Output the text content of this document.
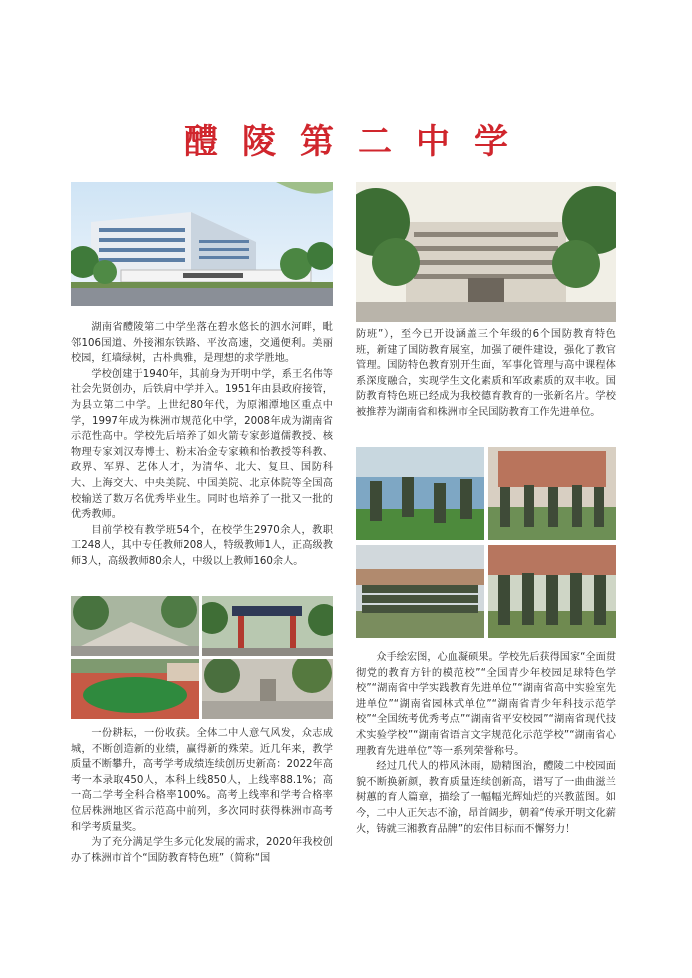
醴陵第二中学

湖南省醴陵第二中学坐落在碧水悠长的泗水河畔，毗邻106国道、外接湘东铁路、平汝高速，交通便利。美丽校园，红墙绿树，古朴典雅，是理想的求学胜地。

学校创建于1940年，其前身为开明中学，系王名伟等社会先贤创办，后铁肩中学并入。1951年由县政府接管，为县立第二中学。上世纪80年代，为原湘潭地区重点中学，1997年成为株洲市规范化中学，2008年成为湖南省示范性高中。学校先后培养了如火箭专家彭道儒教授、核物理专家刘汉寿博士、粉末冶金专家赖和怡教授等科教、政界、军界、艺体人才，为清华、北大、复旦、国防科大、上海交大、中央美院、中国美院、北京体院等全国高校输送了数万名优秀毕业生。同时也培养了一批又一批的优秀教师。

目前学校有教学班54个，在校学生2970余人，教职工248人，其中专任教师208人，特级教师1人，正高级教师3人，高级教师80余人，中级以上教师160余人。

一份耕耘，一份收获。全体二中人意气风发，众志成城，不断创造新的业绩，赢得新的殊荣。近几年来，教学质量不断攀升，高考学考成绩连续创历史新高：2022年高考一本录取450人，本科上线850人，上线率88.1%；高一高二学考全科合格率100%。高考上线率和学考合格率位居株洲地区省示范高中前列，多次同时获得株洲市高考和学考质量奖。

为了充分满足学生多元化发展的需求，2020年我校创办了株洲市首个“国防教育特色班”（简称“国

防班”），至今已开设涵盖三个年级的6个国防教育特色班，新建了国防教育展室，加强了硬件建设，强化了教官管理。国防特色教育别开生面，军事化管理与高中课程体系深度融合，实现学生文化素质和军政素质的双丰收。国防教育特色班已经成为我校德育教育的一张新名片。学校被推荐为湖南省和株洲市全民国防教育工作先进单位。

众手绘宏图，心血凝硕果。学校先后获得国家“全面贯彻党的教育方针的模范校”“全国青少年校园足球特色学校”“湖南省中学实践教育先进单位”“湖南省高中实验室先进单位”“湖南省园林式单位”“湖南省青少年科技示范学校”“全国统考优秀考点”“湖南省平安校园”“湖南省现代技术实验学校”“湖南省语言文字规范化示范学校”“湖南省心理教育先进单位”等一系列荣誉称号。

经过几代人的栉风沐雨，励精图治，醴陵二中校园面貌不断换新颜，教育质量连续创新高，谱写了一曲曲滋兰树蕙的育人篇章，描绘了一幅幅光辉灿烂的兴教蓝图。如今，二中人正矢志不渝，昂首阔步，朝着“传承开明文化薪火，铸就三湘教育品牌”的宏伟目标而不懈努力！
